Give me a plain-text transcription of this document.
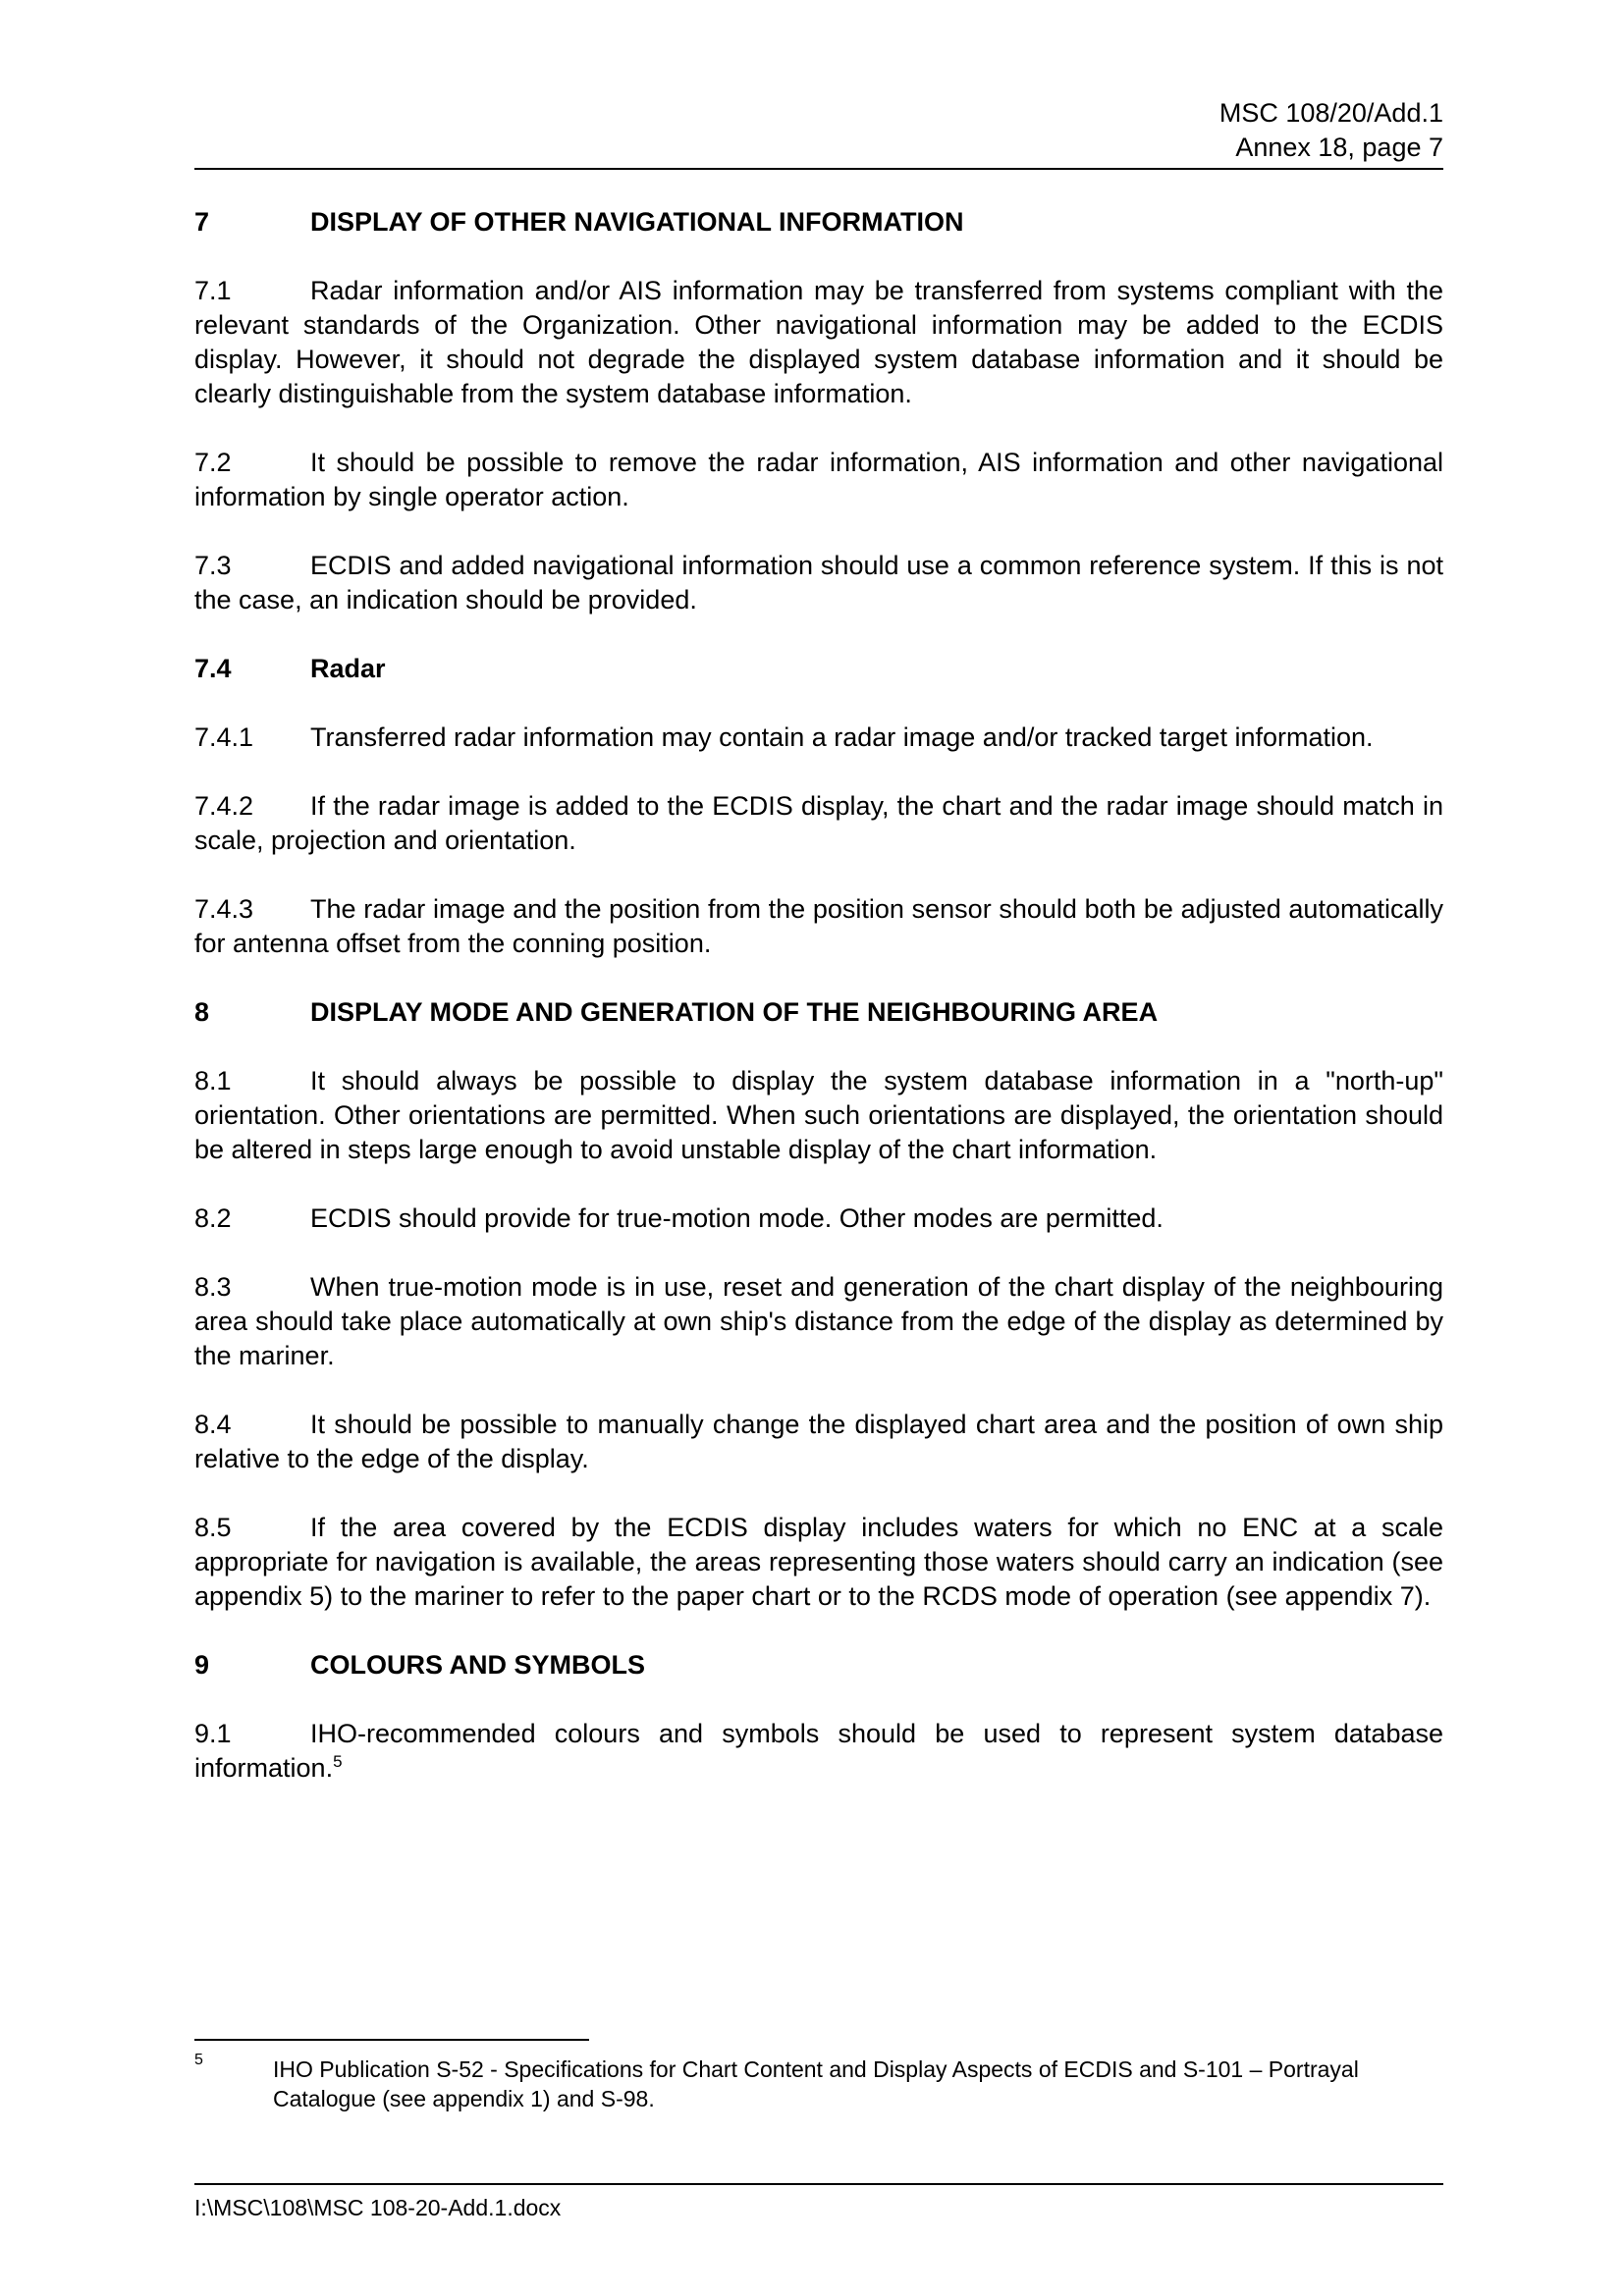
MSC 108/20/Add.1
Annex 18, page 7
7	DISPLAY OF OTHER NAVIGATIONAL INFORMATION

7.1	Radar information and/or AIS information may be transferred from systems compliant with the relevant standards of the Organization. Other navigational information may be added to the ECDIS display. However, it should not degrade the displayed system database information and it should be clearly distinguishable from the system database information.

7.2	It should be possible to remove the radar information, AIS information and other navigational information by single operator action.

7.3	ECDIS and added navigational information should use a common reference system. If this is not the case, an indication should be provided.

7.4	Radar

7.4.1 Transferred radar information may contain a radar image and/or tracked target information.

7.4.2 If the radar image is added to the ECDIS display, the chart and the radar image should match in scale, projection and orientation.

7.4.3 The radar image and the position from the position sensor should both be adjusted automatically for antenna offset from the conning position.

8	DISPLAY MODE AND GENERATION OF THE NEIGHBOURING AREA

8.1	It should always be possible to display the system database information in a "north-up" orientation. Other orientations are permitted. When such orientations are displayed, the orientation should be altered in steps large enough to avoid unstable display of the chart information.

8.2	ECDIS should provide for true-motion mode. Other modes are permitted.

8.3	When true-motion mode is in use, reset and generation of the chart display of the neighbouring area should take place automatically at own ship's distance from the edge of the display as determined by the mariner.

8.4	It should be possible to manually change the displayed chart area and the position of own ship relative to the edge of the display.

8.5	If the area covered by the ECDIS display includes waters for which no ENC at a scale appropriate for navigation is available, the areas representing those waters should carry an indication (see appendix 5) to the mariner to refer to the paper chart or to the RCDS mode of operation (see appendix 7).

9	COLOURS AND SYMBOLS

9.1	IHO-recommended colours and symbols should be used to represent system database information.$^5$

5	IHO Publication S-52 - Specifications for Chart Content and Display Aspects of ECDIS and S-101 – Portrayal Catalogue (see appendix 1) and S-98.
I:\MSC\108\MSC 108-20-Add.1.docx
